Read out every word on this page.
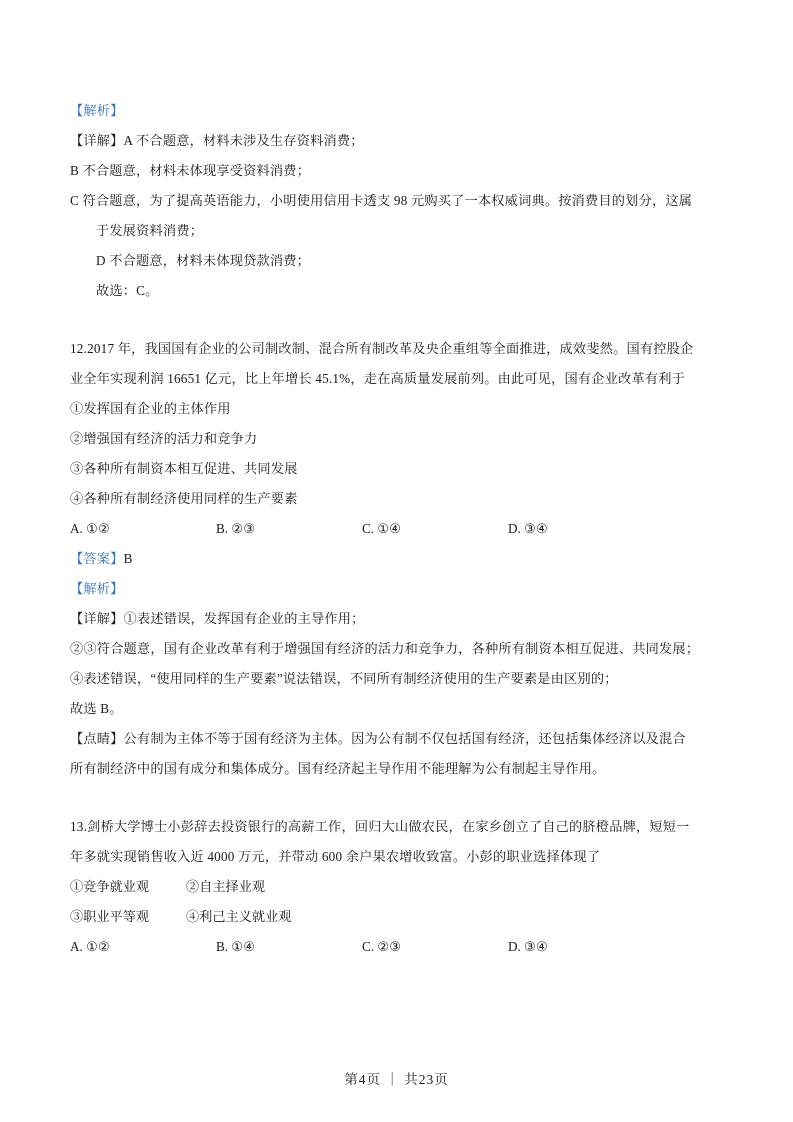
【解析】
【详解】A 不合题意，材料未涉及生存资料消费；
B 不合题意，材料未体现享受资料消费；
C 符合题意，为了提高英语能力，小明使用信用卡透支 98 元购买了一本权威词典。按消费目的划分，这属
于发展资料消费；
D 不合题意，材料未体现贷款消费；
故选：C。
12.2017 年，我国国有企业的公司制改制、混合所有制改革及央企重组等全面推进，成效斐然。国有控股企
业全年实现利润 16651 亿元，比上年增长 45.1%，走在高质量发展前列。由此可见，国有企业改革有利于
①发挥国有企业的主体作用
②增强国有经济的活力和竞争力
③各种所有制资本相互促进、共同发展
④各种所有制经济使用同样的生产要素
A. ①②	B. ②③	C. ①④	D. ③④
【答案】B
【解析】
【详解】①表述错误，发挥国有企业的主导作用；
②③符合题意，国有企业改革有利于增强国有经济的活力和竞争力，各种所有制资本相互促进、共同发展；
④表述错误，“使用同样的生产要素”说法错误，不同所有制经济使用的生产要素是由区别的；
故选 B。
【点睛】公有制为主体不等于国有经济为主体。因为公有制不仅包括国有经济，还包括集体经济以及混合
所有制经济中的国有成分和集体成分。国有经济起主导作用不能理解为公有制起主导作用。
13.剑桥大学博士小彭辞去投资银行的高薪工作，回归大山做农民，在家乡创立了自己的脐橙品牌，短短一
年多就实现销售收入近 4000 万元，并带动 600 余户果农增收致富。小彭的职业选择体现了
①竞争就业观	②自主择业观
③职业平等观	④利己主义就业观
A. ①②	B. ①④	C. ②③	D. ③④
第4页 ｜ 共23页
